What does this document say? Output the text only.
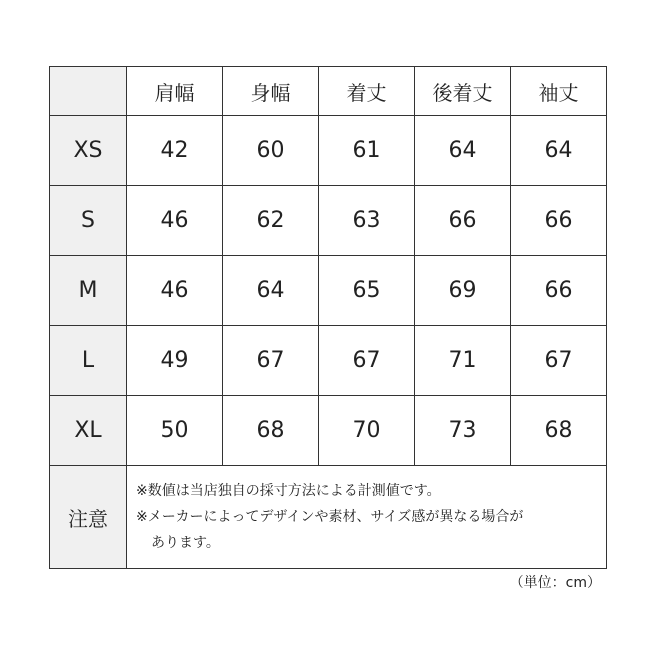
	肩幅	身幅	着丈	後着丈	袖丈
XS	42	60	61	64	64
S	46	62	63	66	66
M	46	64	65	69	66
L	49	67	67	71	67
XL	50	68	70	73	68
注意	※数値は当店独自の採寸方法による計測値です。
※メーカーによってデザインや素材、サイズ感が異なる場合が
あります。				
（単位：cm）
